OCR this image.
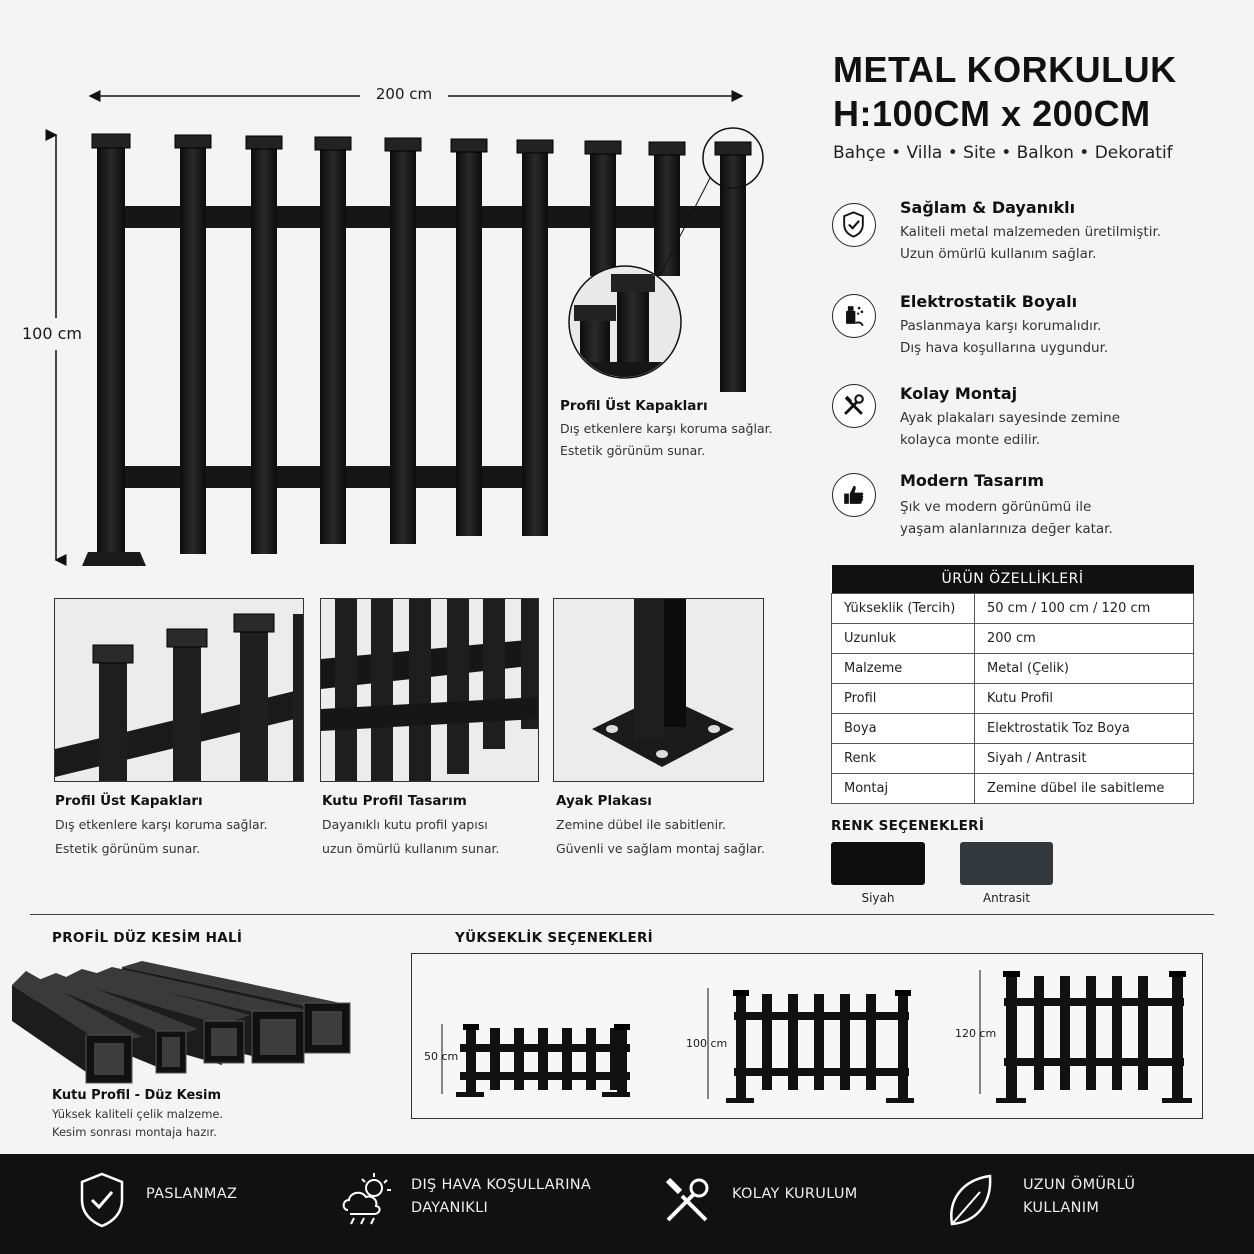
200 cm
100 cm
Profil Üst Kapakları
Dış etkenlere karşı koruma sağlar.
Estetik görünüm sunar.
METAL KORKULUK
H:100CM x 200CM
Bahçe • Villa • Site • Balkon • Dekoratif
Sağlam & Dayanıklı
Kaliteli metal malzemeden üretilmiştir.
Uzun ömürlü kullanım sağlar.
Elektrostatik Boyalı
Paslanmaya karşı korumalıdır.
Dış hava koşullarına uygundur.
Kolay Montaj
Ayak plakaları sayesinde zemine
kolayca monte edilir.
Modern Tasarım
Şık ve modern görünümü ile
yaşam alanlarınıza değer katar.
ÜRÜN ÖZELLİKLERİ	
Yükseklik (Tercih)	50 cm / 100 cm / 120 cm
Uzunluk	200 cm
Malzeme	Metal (Çelik)
Profil	Kutu Profil
Boya	Elektrostatik Toz Boya
Renk	Siyah / Antrasit
Montaj	Zemine dübel ile sabitleme
RENK SEÇENEKLERİ
Siyah	Antrasit
Profil Üst Kapakları
Dış etkenlere karşı koruma sağlar.
Estetik görünüm sunar.
Kutu Profil Tasarım
Dayanıklı kutu profil yapısı
uzun ömürlü kullanım sunar.
Ayak Plakası
Zemine dübel ile sabitlenir.
Güvenli ve sağlam montaj sağlar.
PROFİL DÜZ KESİM HALİ
Kutu Profil - Düz Kesim
Yüksek kaliteli çelik malzeme.
Kesim sonrası montaja hazır.
YÜKSEKLİK SEÇENEKLERİ
50 cm
100 cm
120 cm
PASLANMAZ
DIŞ HAVA KOŞULLARINA
DAYANIKLI
KOLAY KURULUM
UZUN ÖMÜRLÜ
KULLANIM
